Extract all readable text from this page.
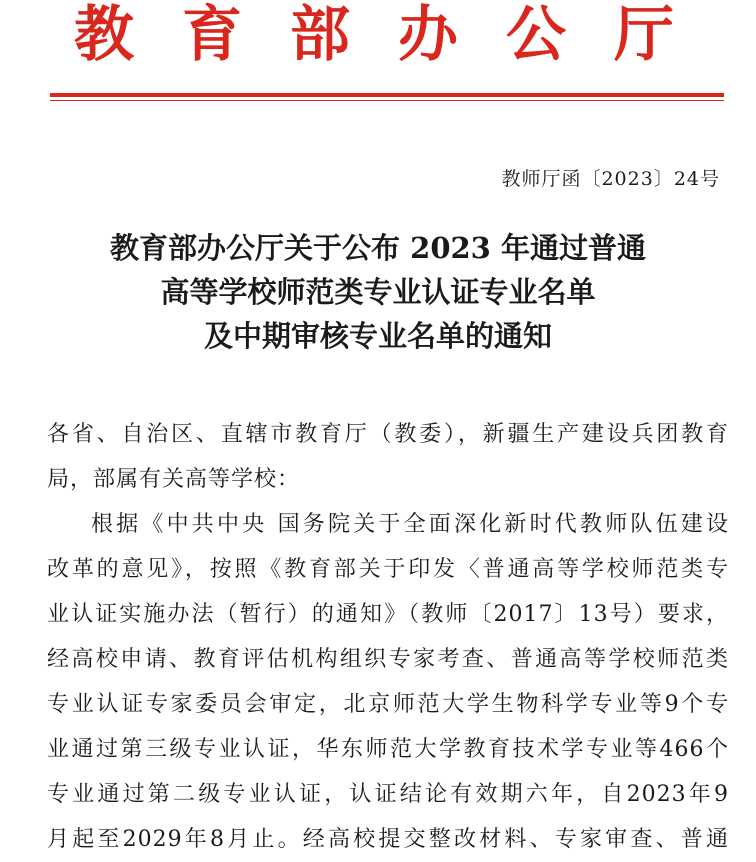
教育部办公厅
教师厅函〔2023〕24号
教育部办公厅关于公布 2023 年通过普通
高等学校师范类专业认证专业名单
及中期审核专业名单的通知
各省、自治区、直辖市教育厅（教委），新疆生产建设兵团教育
局，部属有关高等学校：
根据《中共中央 国务院关于全面深化新时代教师队伍建设
改革的意见》，按照《教育部关于印发〈普通高等学校师范类专
业认证实施办法（暂行）的通知》（教师〔2017〕13号）要求，
经高校申请、教育评估机构组织专家考查、普通高等学校师范类
专业认证专家委员会审定，北京师范大学生物科学专业等9个专
业通过第三级专业认证，华东师范大学教育技术学专业等466个
专业通过第二级专业认证，认证结论有效期六年，自2023年9
月起至2029年8月止。经高校提交整改材料、专家审查、普通
